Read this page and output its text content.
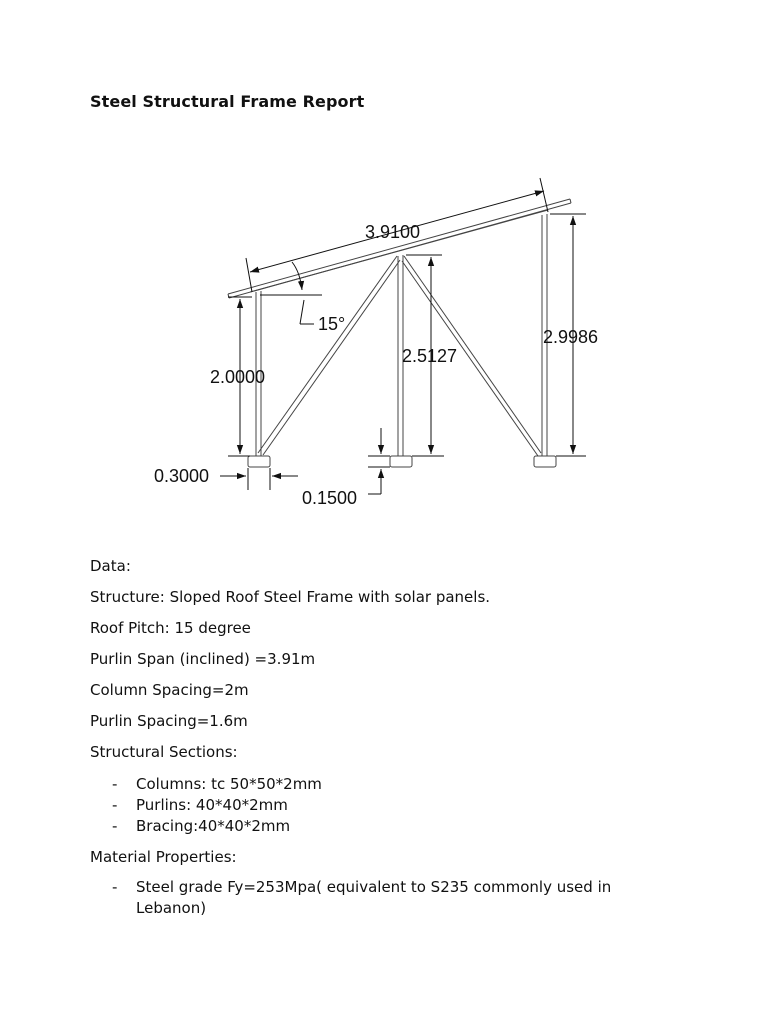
Steel Structural Frame Report
3.9100
15°
2.0000
2.5127
2.9986
0.3000
0.1500

Data:

Structure: Sloped Roof Steel Frame with solar panels.

Roof Pitch: 15 degree

Purlin Span (inclined) =3.91m

Column Spacing=2m

Purlin Spacing=1.6m

Structural Sections:

- Columns: tc 50*50*2mm
- Purlins: 40*40*2mm
- Bracing:40*40*2mm

Material Properties:

- Steel grade Fy=253Mpa( equivalent to S235 commonly used in Lebanon)
